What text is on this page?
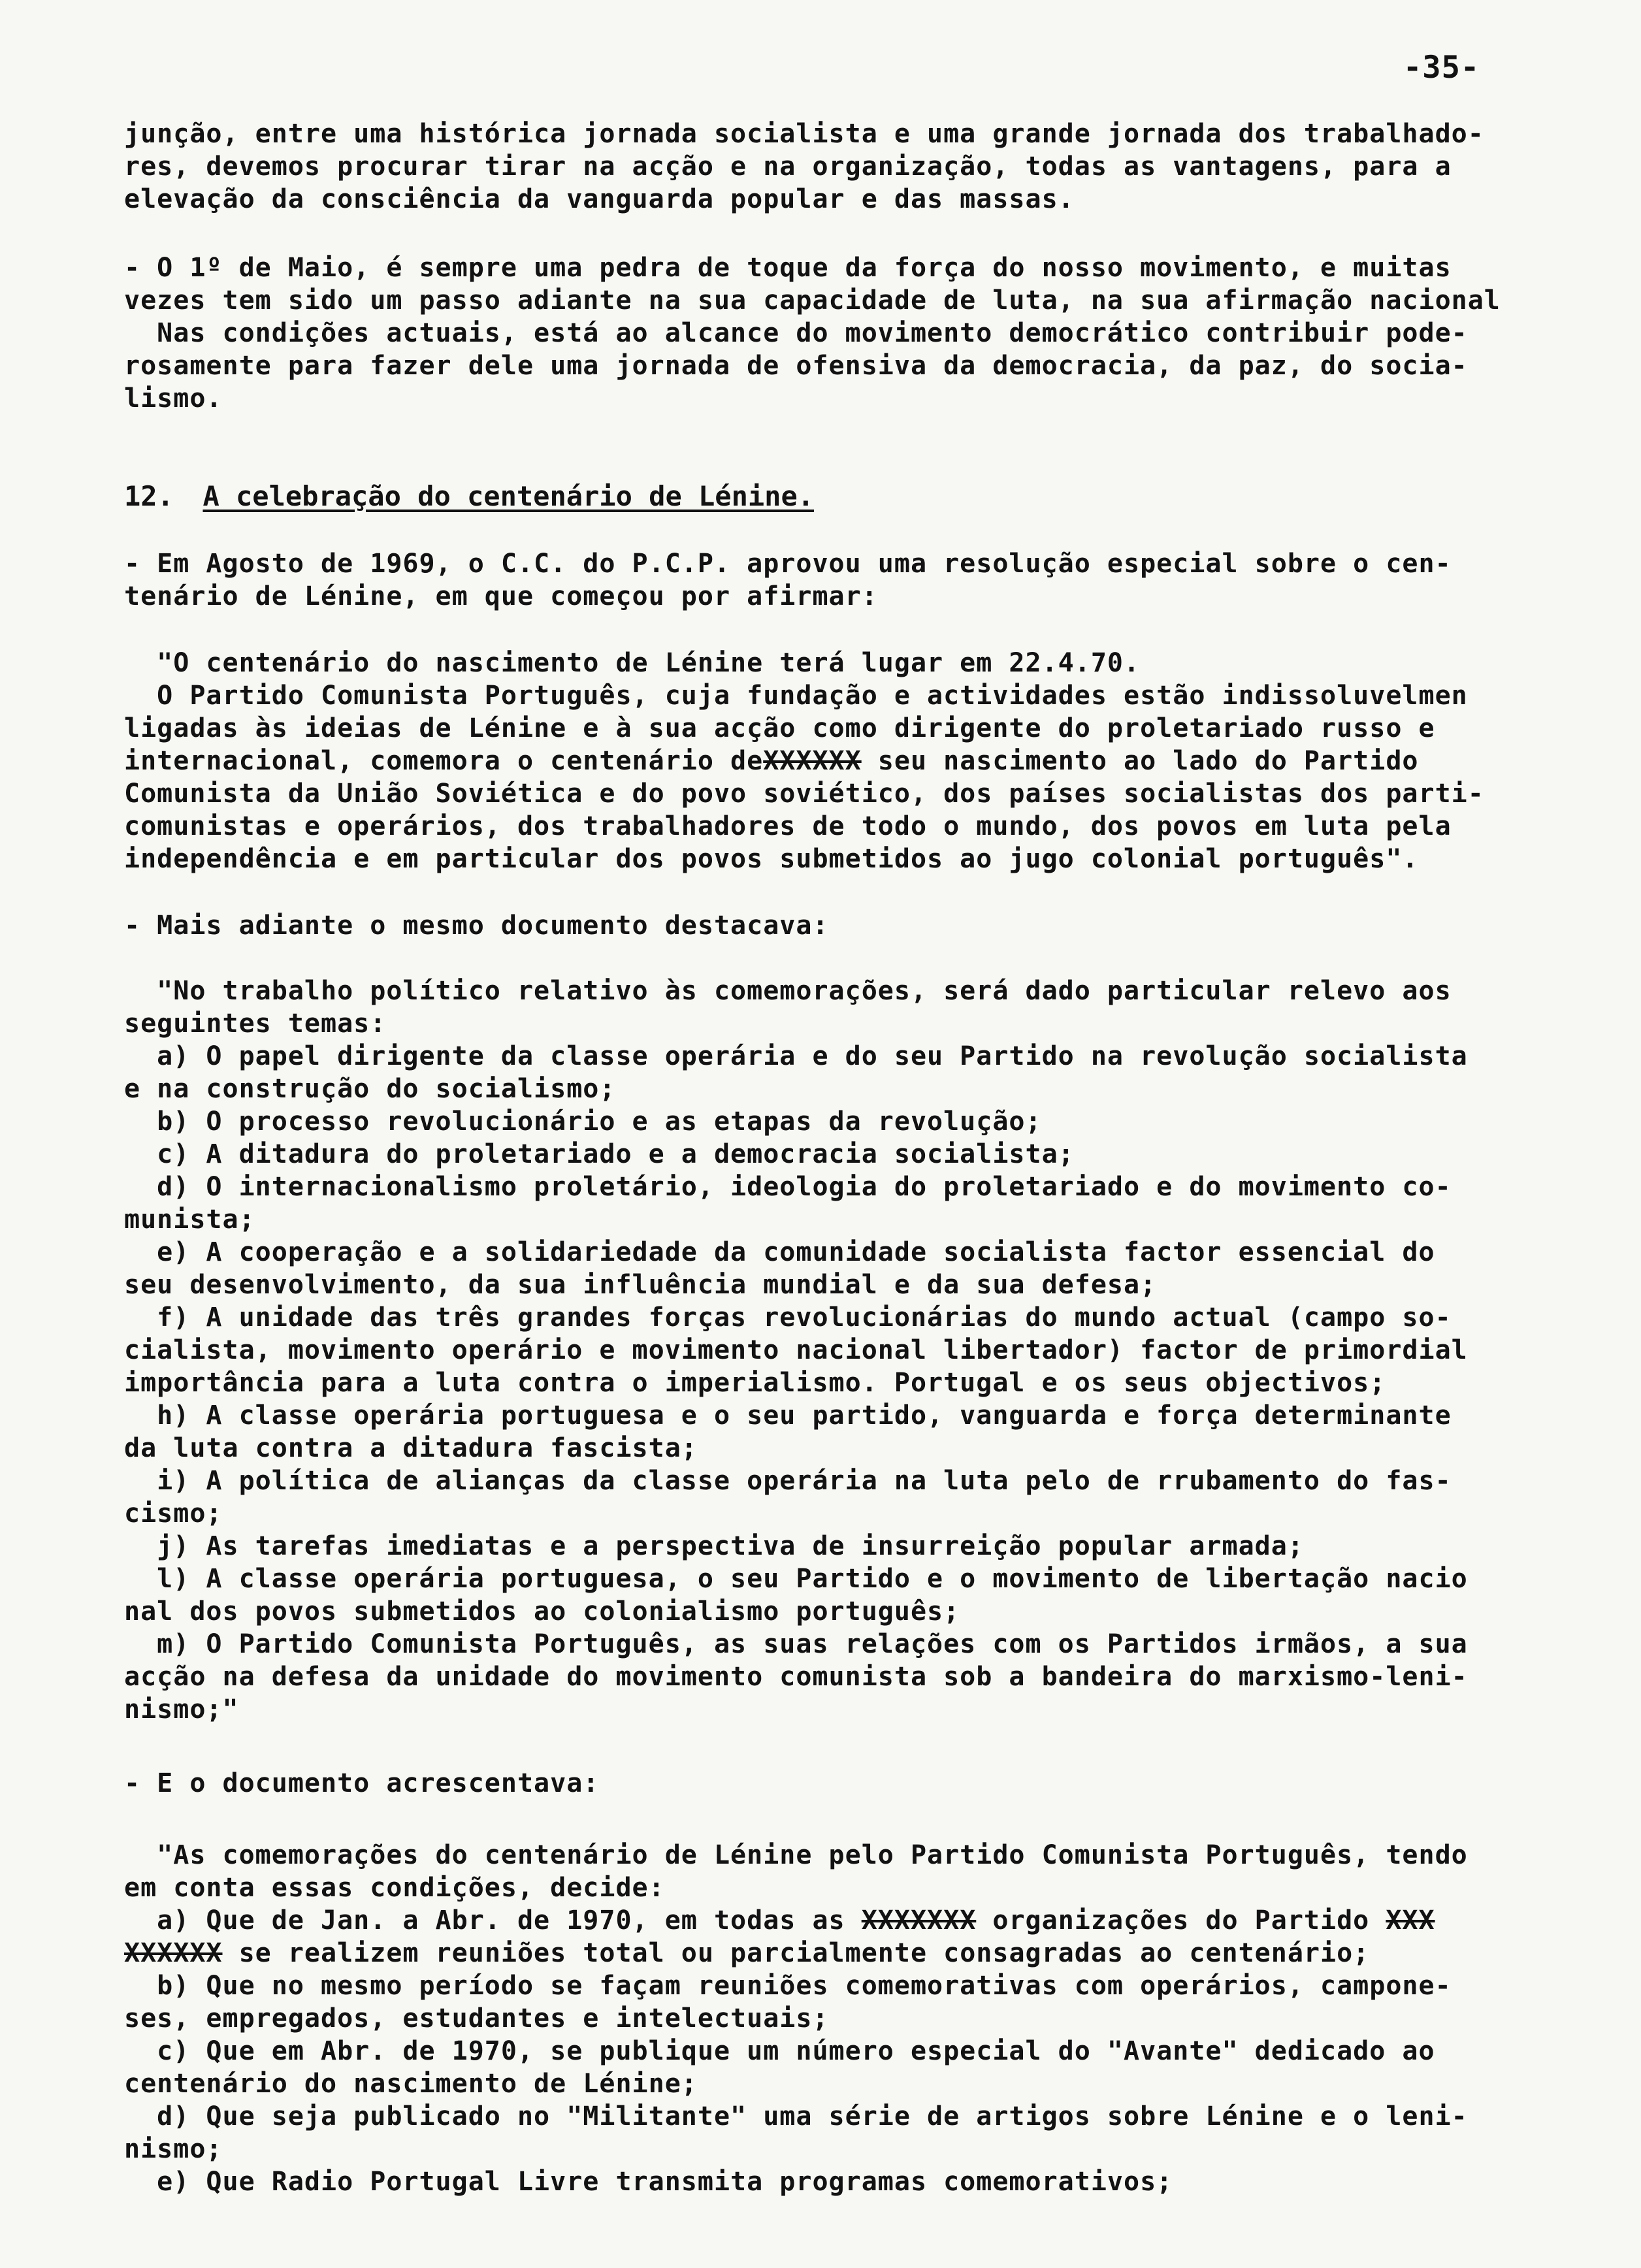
-35-
junção, entre uma histórica jornada socialista e uma grande jornada dos trabalhado-
res, devemos procurar tirar na acção e na organização, todas as vantagens, para a
elevação da consciência da vanguarda popular e das massas.
- O 1º de Maio, é sempre uma pedra de toque da força do nosso movimento, e muitas
vezes tem sido um passo adiante na sua capacidade de luta, na sua afirmação nacional
Nas condições actuais, está ao alcance do movimento democrático contribuir pode-
rosamente para fazer dele uma jornada de ofensiva da democracia, da paz, do socia-
lismo.
12. A celebração do centenário de Lénine.
- Em Agosto de 1969, o C.C. do P.C.P. aprovou uma resolução especial sobre o cen-
tenário de Lénine, em que começou por afirmar:
"O centenário do nascimento de Lénine terá lugar em 22.4.70.
O Partido Comunista Português, cuja fundação e actividades estão indissoluvelmen
ligadas às ideias de Lénine e à sua acção como dirigente do proletariado russo e
internacional, comemora o centenário deXXXXXX seu nascimento ao lado do Partido
Comunista da União Soviética e do povo soviético, dos países socialistas dos parti-
comunistas e operários, dos trabalhadores de todo o mundo, dos povos em luta pela
independência e em particular dos povos submetidos ao jugo colonial português".
- Mais adiante o mesmo documento destacava:
"No trabalho político relativo às comemorações, será dado particular relevo aos
seguintes temas:
a) O papel dirigente da classe operária e do seu Partido na revolução socialista
e na construção do socialismo;
b) O processo revolucionário e as etapas da revolução;
c) A ditadura do proletariado e a democracia socialista;
d) O internacionalismo proletário, ideologia do proletariado e do movimento co-
munista;
e) A cooperação e a solidariedade da comunidade socialista factor essencial do
seu desenvolvimento, da sua influência mundial e da sua defesa;
f) A unidade das três grandes forças revolucionárias do mundo actual (campo so-
cialista, movimento operário e movimento nacional libertador) factor de primordial
importância para a luta contra o imperialismo. Portugal e os seus objectivos;
h) A classe operária portuguesa e o seu partido, vanguarda e força determinante
da luta contra a ditadura fascista;
i) A política de alianças da classe operária na luta pelo de rrubamento do fas-
cismo;
j) As tarefas imediatas e a perspectiva de insurreição popular armada;
l) A classe operária portuguesa, o seu Partido e o movimento de libertação nacio
nal dos povos submetidos ao colonialismo português;
m) O Partido Comunista Português, as suas relações com os Partidos irmãos, a sua
acção na defesa da unidade do movimento comunista sob a bandeira do marxismo-leni-
nismo;"
- E o documento acrescentava:
"As comemorações do centenário de Lénine pelo Partido Comunista Português, tendo
em conta essas condições, decide:
a) Que de Jan. a Abr. de 1970, em todas as XXXXXXX organizações do Partido XXX
XXXXXX se realizem reuniões total ou parcialmente consagradas ao centenário;
b) Que no mesmo período se façam reuniões comemorativas com operários, campone-
ses, empregados, estudantes e intelectuais;
c) Que em Abr. de 1970, se publique um número especial do "Avante" dedicado ao
centenário do nascimento de Lénine;
d) Que seja publicado no "Militante" uma série de artigos sobre Lénine e o leni-
nismo;
e) Que Radio Portugal Livre transmita programas comemorativos;
